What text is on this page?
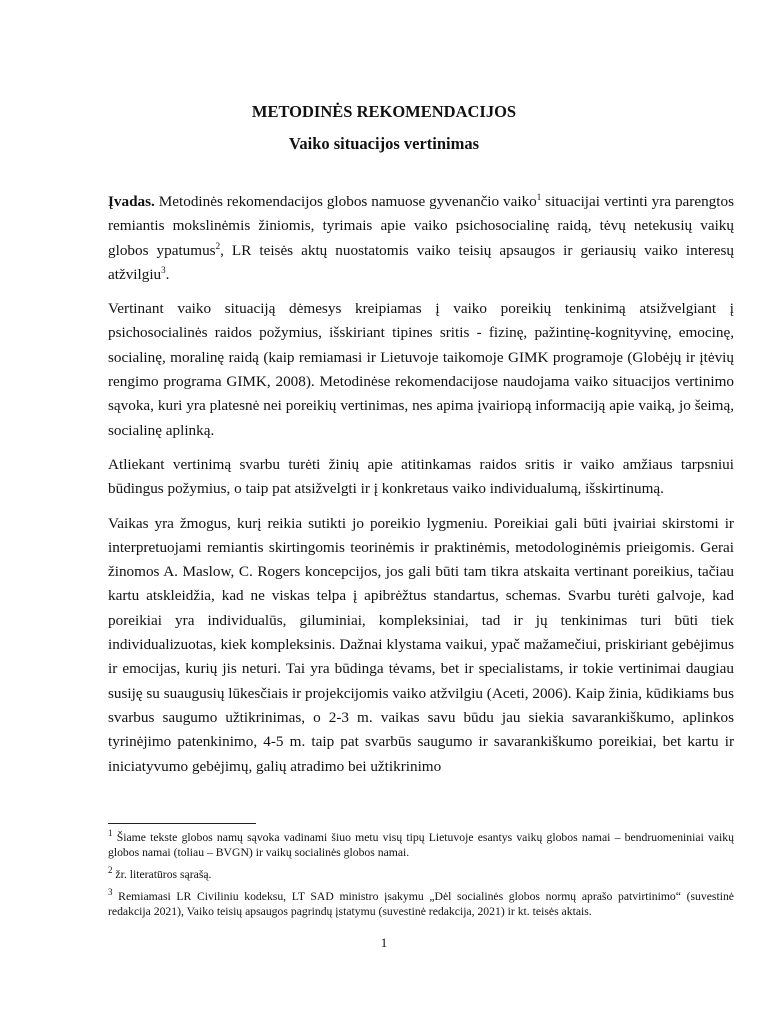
METODINĖS REKOMENDACIJOS
Vaiko situacijos vertinimas

Įvadas. Metodinės rekomendacijos globos namuose gyvenančio vaiko$^1$ situacijai vertinti yra parengtos remiantis mokslinėmis žiniomis, tyrimais apie vaiko psichosocialinę raidą, tėvų netekusių vaikų globos ypatumus$^2$, LR teisės aktų nuostatomis vaiko teisių apsaugos ir geriausių vaiko interesų atžvilgiu$^3$.

Vertinant vaiko situaciją dėmesys kreipiamas į vaiko poreikių tenkinimą atsižvelgiant į psichosocialinės raidos požymius, išskiriant tipines sritis - fizinę, pažintinę-kognityvinę, emocinę, socialinę, moralinę raidą (kaip remiamasi ir Lietuvoje taikomoje GIMK programoje (Globėjų ir įtėvių rengimo programa GIMK, 2008). Metodinėse rekomendacijose naudojama vaiko situacijos vertinimo sąvoka, kuri yra platesnė nei poreikių vertinimas, nes apima įvairiopą informaciją apie vaiką, jo šeimą, socialinę aplinką.

Atliekant vertinimą svarbu turėti žinių apie atitinkamas raidos sritis ir vaiko amžiaus tarpsniui būdingus požymius, o taip pat atsižvelgti ir į konkretaus vaiko individualumą, išskirtinumą.

Vaikas yra žmogus, kurį reikia sutikti jo poreikio lygmeniu. Poreikiai gali būti įvairiai skirstomi ir interpretuojami remiantis skirtingomis teorinėmis ir praktinėmis, metodologinėmis prieigomis. Gerai žinomos A. Maslow, C. Rogers koncepcijos, jos gali būti tam tikra atskaita vertinant poreikius, tačiau kartu atskleidžia, kad ne viskas telpa į apibrėžtus standartus, schemas. Svarbu turėti galvoje, kad poreikiai yra individualūs, giluminiai, kompleksiniai, tad ir jų tenkinimas turi būti tiek individualizuotas, kiek kompleksinis. Dažnai klystama vaikui, ypač mažamečiui, priskiriant gebėjimus ir emocijas, kurių jis neturi. Tai yra būdinga tėvams, bet ir specialistams, ir tokie vertinimai daugiau susiję su suaugusių lūkesčiais ir projekcijomis vaiko atžvilgiu (Aceti, 2006). Kaip žinia, kūdikiams bus svarbus saugumo užtikrinimas, o 2-3 m. vaikas savu būdu jau siekia savarankiškumo, aplinkos tyrinėjimo patenkinimo, 4-5 m. taip pat svarbūs saugumo ir savarankiškumo poreikiai, bet kartu ir iniciatyvumo gebėjimų, galių atradimo bei užtikrinimo

$^1$ Šiame tekste globos namų sąvoka vadinami šiuo metu visų tipų Lietuvoje esantys vaikų globos namai – bendruomeniniai vaikų globos namai (toliau – BVGN) ir vaikų socialinės globos namai.

$^2$ žr. literatūros sąrašą.

$^3$ Remiamasi LR Civiliniu kodeksu, LT SAD ministro įsakymu „Dėl socialinės globos normų aprašo patvirtinimo“ (suvestinė redakcija 2021), Vaiko teisių apsaugos pagrindų įstatymu (suvestinė redakcija, 2021) ir kt. teisės aktais.

1
